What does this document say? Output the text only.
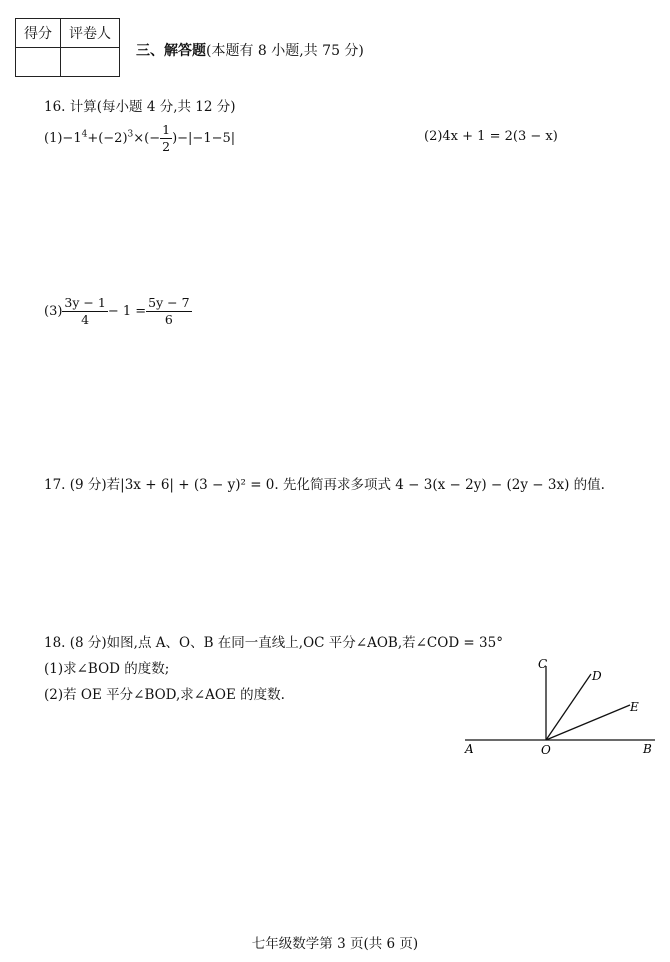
得分	评卷人

三、解答题(本题有 8 小题,共 75 分)
16. 计算(每小题 4 分,共 12 分)
$(1)-1^4+(-2)^3\times(- \frac{1}{2} )-|-1-5|$	(2)4x + 1 = 2(3 − x)
$(3) \frac{3y - 1}{4} - 1 = \frac{5y - 7}{6}$
17. (9 分)若|3x + 6| + (3 − y)² = 0. 先化简再求多项式 4 − 3(x − 2y) − (2y − 3x) 的值.
18. (8 分)如图,点 A、O、B 在同一直线上,OC 平分∠AOB,若∠COD = 35°
(1)求∠BOD 的度数;
(2)若 OE 平分∠BOD,求∠AOE 的度数.
A	O	B
C
D
E
七年级数学第 3 页(共 6 页)
